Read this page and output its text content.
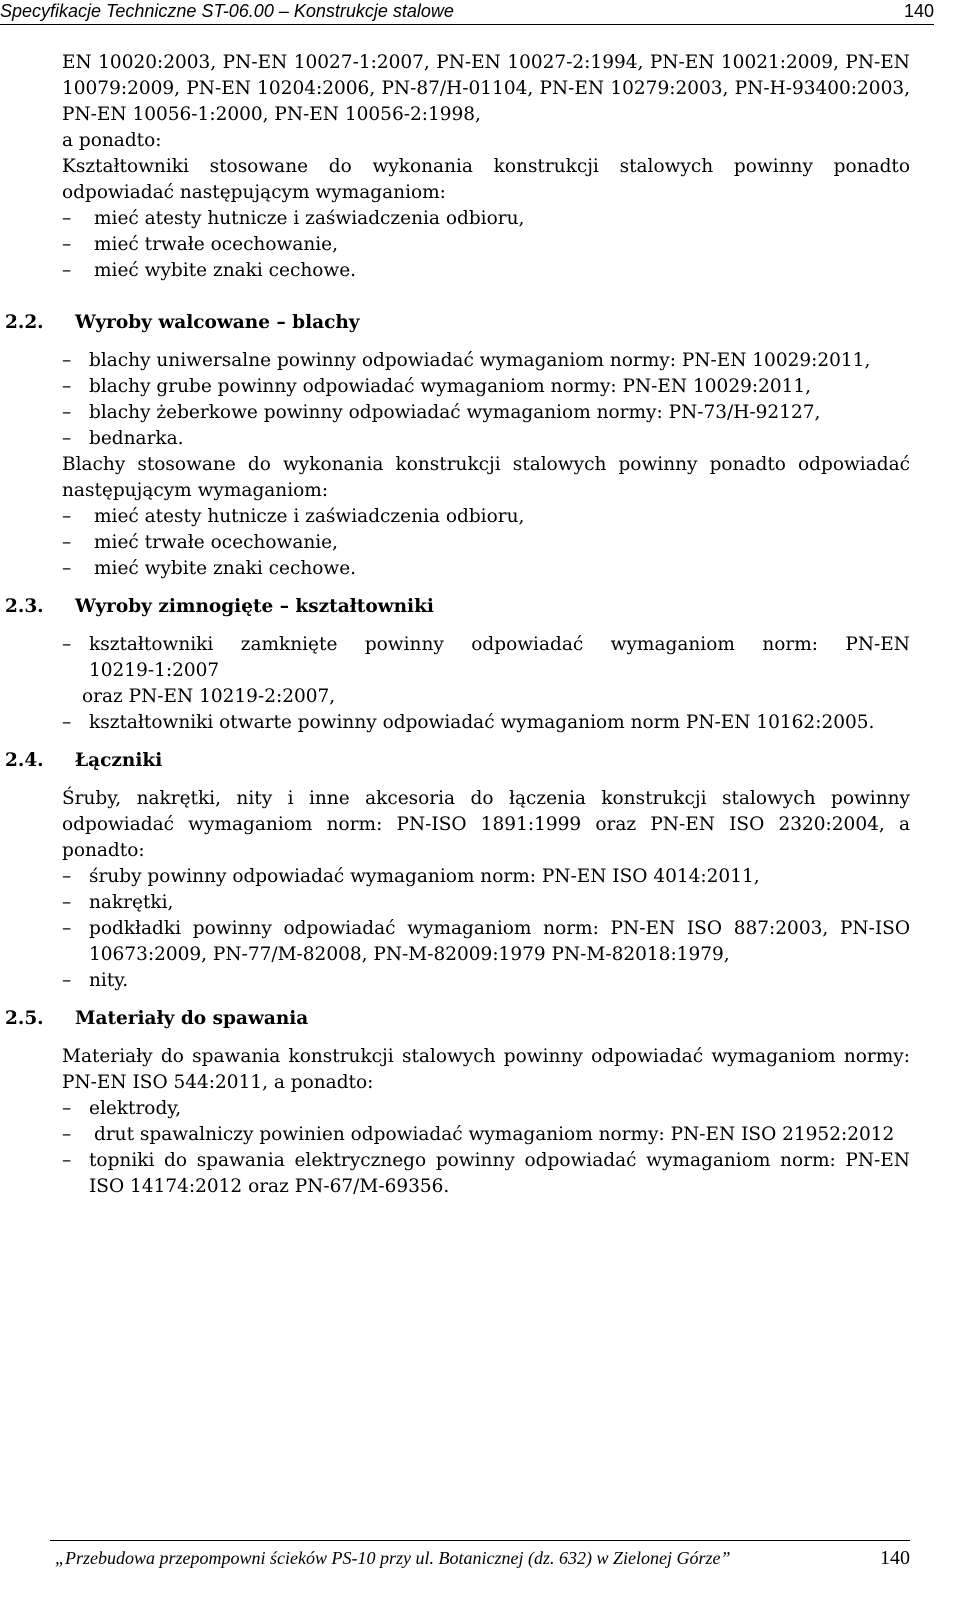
Specyfikacje Techniczne ST-06.00 – Konstrukcje stalowe	140
EN 10020:2003, PN-EN 10027-1:2007, PN-EN 10027-2:1994, PN-EN 10021:2009, PN-EN 10079:2009, PN-EN 10204:2006, PN-87/H-01104, PN-EN 10279:2003, PN-H-93400:2003, PN-EN 10056-1:2000, PN-EN 10056-2:1998,
a ponadto:
Kształtowniki stosowane do wykonania konstrukcji stalowych powinny ponadto odpowiadać następującym wymaganiom:
–	mieć atesty hutnicze i zaświadczenia odbioru,
–	mieć trwałe ocechowanie,
–	mieć wybite znaki cechowe.
2.2.	Wyroby walcowane – blachy
– blachy uniwersalne powinny odpowiadać wymaganiom normy: PN-EN 10029:2011,
– blachy grube powinny odpowiadać wymaganiom normy: PN-EN 10029:2011,
– blachy żeberkowe powinny odpowiadać wymaganiom normy: PN-73/H-92127,
– bednarka.
Blachy stosowane do wykonania konstrukcji stalowych powinny ponadto odpowiadać następującym wymaganiom:
–	mieć atesty hutnicze i zaświadczenia odbioru,
–	mieć trwałe ocechowanie,
–	mieć wybite znaki cechowe.
2.3.	Wyroby zimnogięte – kształtowniki
– kształtowniki zamknięte powinny odpowiadać wymaganiom norm: PN-EN
10219-1:2007
oraz PN-EN 10219-2:2007,
– kształtowniki otwarte powinny odpowiadać wymaganiom norm PN-EN 10162:2005.
2.4.	Łączniki
Śruby, nakrętki, nity i inne akcesoria do łączenia konstrukcji stalowych powinny odpowiadać wymaganiom norm: PN-ISO 1891:1999 oraz PN-EN ISO 2320:2004, a ponadto:
– śruby powinny odpowiadać wymaganiom norm: PN-EN ISO 4014:2011,
– nakrętki,
– podkładki powinny odpowiadać wymaganiom norm: PN-EN ISO 887:2003, PN-ISO 10673:2009, PN-77/M-82008, PN-M-82009:1979 PN-M-82018:1979,
– nity.
2.5.	Materiały do spawania
Materiały do spawania konstrukcji stalowych powinny odpowiadać wymaganiom normy: PN-EN ISO 544:2011, a ponadto:
– elektrody,
–	drut spawalniczy powinien odpowiadać wymaganiom normy: PN-EN ISO 21952:2012
– topniki do spawania elektrycznego powinny odpowiadać wymaganiom norm: PN-EN ISO 14174:2012 oraz PN-67/M-69356.
„Przebudowa przepompowni ścieków PS-10 przy ul. Botanicznej (dz. 632) w Zielonej Górze”	140
